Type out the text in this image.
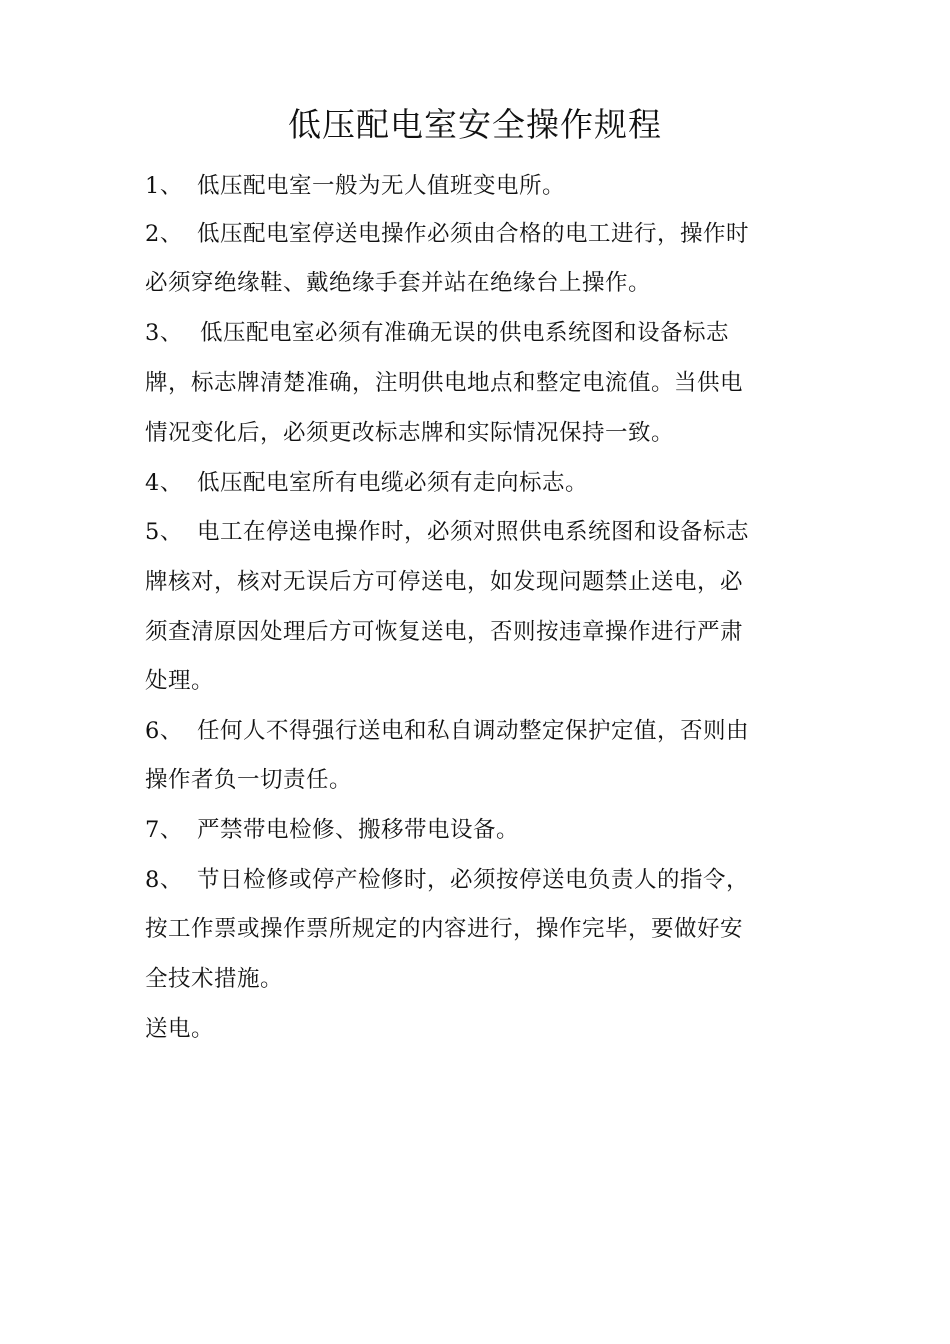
低压配电室安全操作规程
1、 低压配电室一般为无人值班变电所。
2、 低压配电室停送电操作必须由合格的电工进行，操作时
必须穿绝缘鞋、戴绝缘手套并站在绝缘台上操作。
3、 低压配电室必须有准确无误的供电系统图和设备标志
牌，标志牌清楚准确，注明供电地点和整定电流值。当供电
情况变化后，必须更改标志牌和实际情况保持一致。
4、 低压配电室所有电缆必须有走向标志。
5、 电工在停送电操作时，必须对照供电系统图和设备标志
牌核对，核对无误后方可停送电，如发现问题禁止送电，必
须查清原因处理后方可恢复送电，否则按违章操作进行严肃
处理。
6、 任何人不得强行送电和私自调动整定保护定值，否则由
操作者负一切责任。
7、 严禁带电检修、搬移带电设备。
8、 节日检修或停产检修时，必须按停送电负责人的指令，
按工作票或操作票所规定的内容进行，操作完毕，要做好安
全技术措施。
送电。
